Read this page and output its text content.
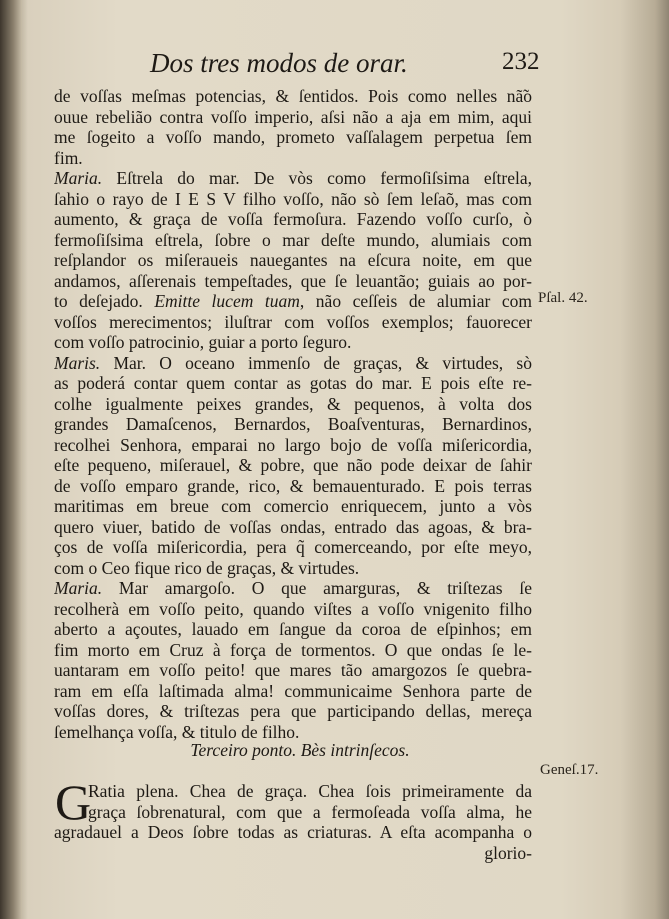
Dos tres modos de orar.	232
de voſſas meſmas potencias, & ſentidos. Pois como nelles nã̃o
ouue rebelião contra voſſo imperio, aſsi não a aja em mim, aqui
me ſogeito a voſſo mando, prometo vaſſalagem perpetua ſem
fim.
Maria. Eſtrela do mar. De vòs como fermoſiſsima eſtrela,
ſahio o rayo de I E S V filho voſſo, não sò ſem leſaõ, mas com
aumento, & graça de voſſa fermoſura. Fazendo voſſo curſo, ò
fermoſiſsima eſtrela, ſobre o mar deſte mundo, alumiais com
reſplandor os miſeraueis nauegantes na eſcura noite, em que
andamos, aſſerenais tempeſtades, que ſe leuantão; guiais ao por-
to deſejado. Emitte lucem tuam, não ceſſeis de alumiar com
voſſos merecimentos; iluſtrar com voſſos exemplos; fauorecer
com voſſo patrocinio, guiar a porto ſeguro.
Maris. Mar. O oceano immenſo de graças, & virtudes, sò
as poderá contar quem contar as gotas do mar. E pois eſte re-
colhe igualmente peixes grandes, & pequenos, à volta dos
grandes Damaſcenos, Bernardos, Boaſventuras, Bernardinos,
recolhei Senhora, emparai no largo bojo de voſſa miſericordia,
eſte pequeno, miſerauel, & pobre, que não pode deixar de ſahir
de voſſo emparo grande, rico, & bemauenturado. E pois terras
maritimas em breue com comercio enriquecem, junto a vòs
quero viuer, batido de voſſas ondas, entrado das agoas, & bra-
ços de voſſa miſericordia, pera q̃ comerceando, por eſte meyo,
com o Ceo fique rico de graças, & virtudes.
Maria. Mar amargoſo. O que amarguras, & triſtezas ſe
recolherà em voſſo peito, quando viſtes a voſſo vnigenito filho
aberto a açoutes, lauado em ſangue da coroa de eſpinhos; em
fim morto em Cruz à força de tormentos. O que ondas ſe le-
uantaram em voſſo peito! que mares tão amargozos ſe quebra-
ram em eſſa laſtimada alma! communicaime Senhora parte de
voſſas dores, & triſtezas pera que participando dellas, mereça
ſemelhança voſſa, & titulo de filho.
Terceiro ponto. Bès intrinſecos.
G
Ratia plena. Chea de graça. Chea ſois primeiramente da
graça ſobrenatural, com que a fermoſeada voſſa alma, he
agradauel a Deos ſobre todas as criaturas. A eſta acompanha o
glorio-
Pſal. 42.
Geneſ.17.
